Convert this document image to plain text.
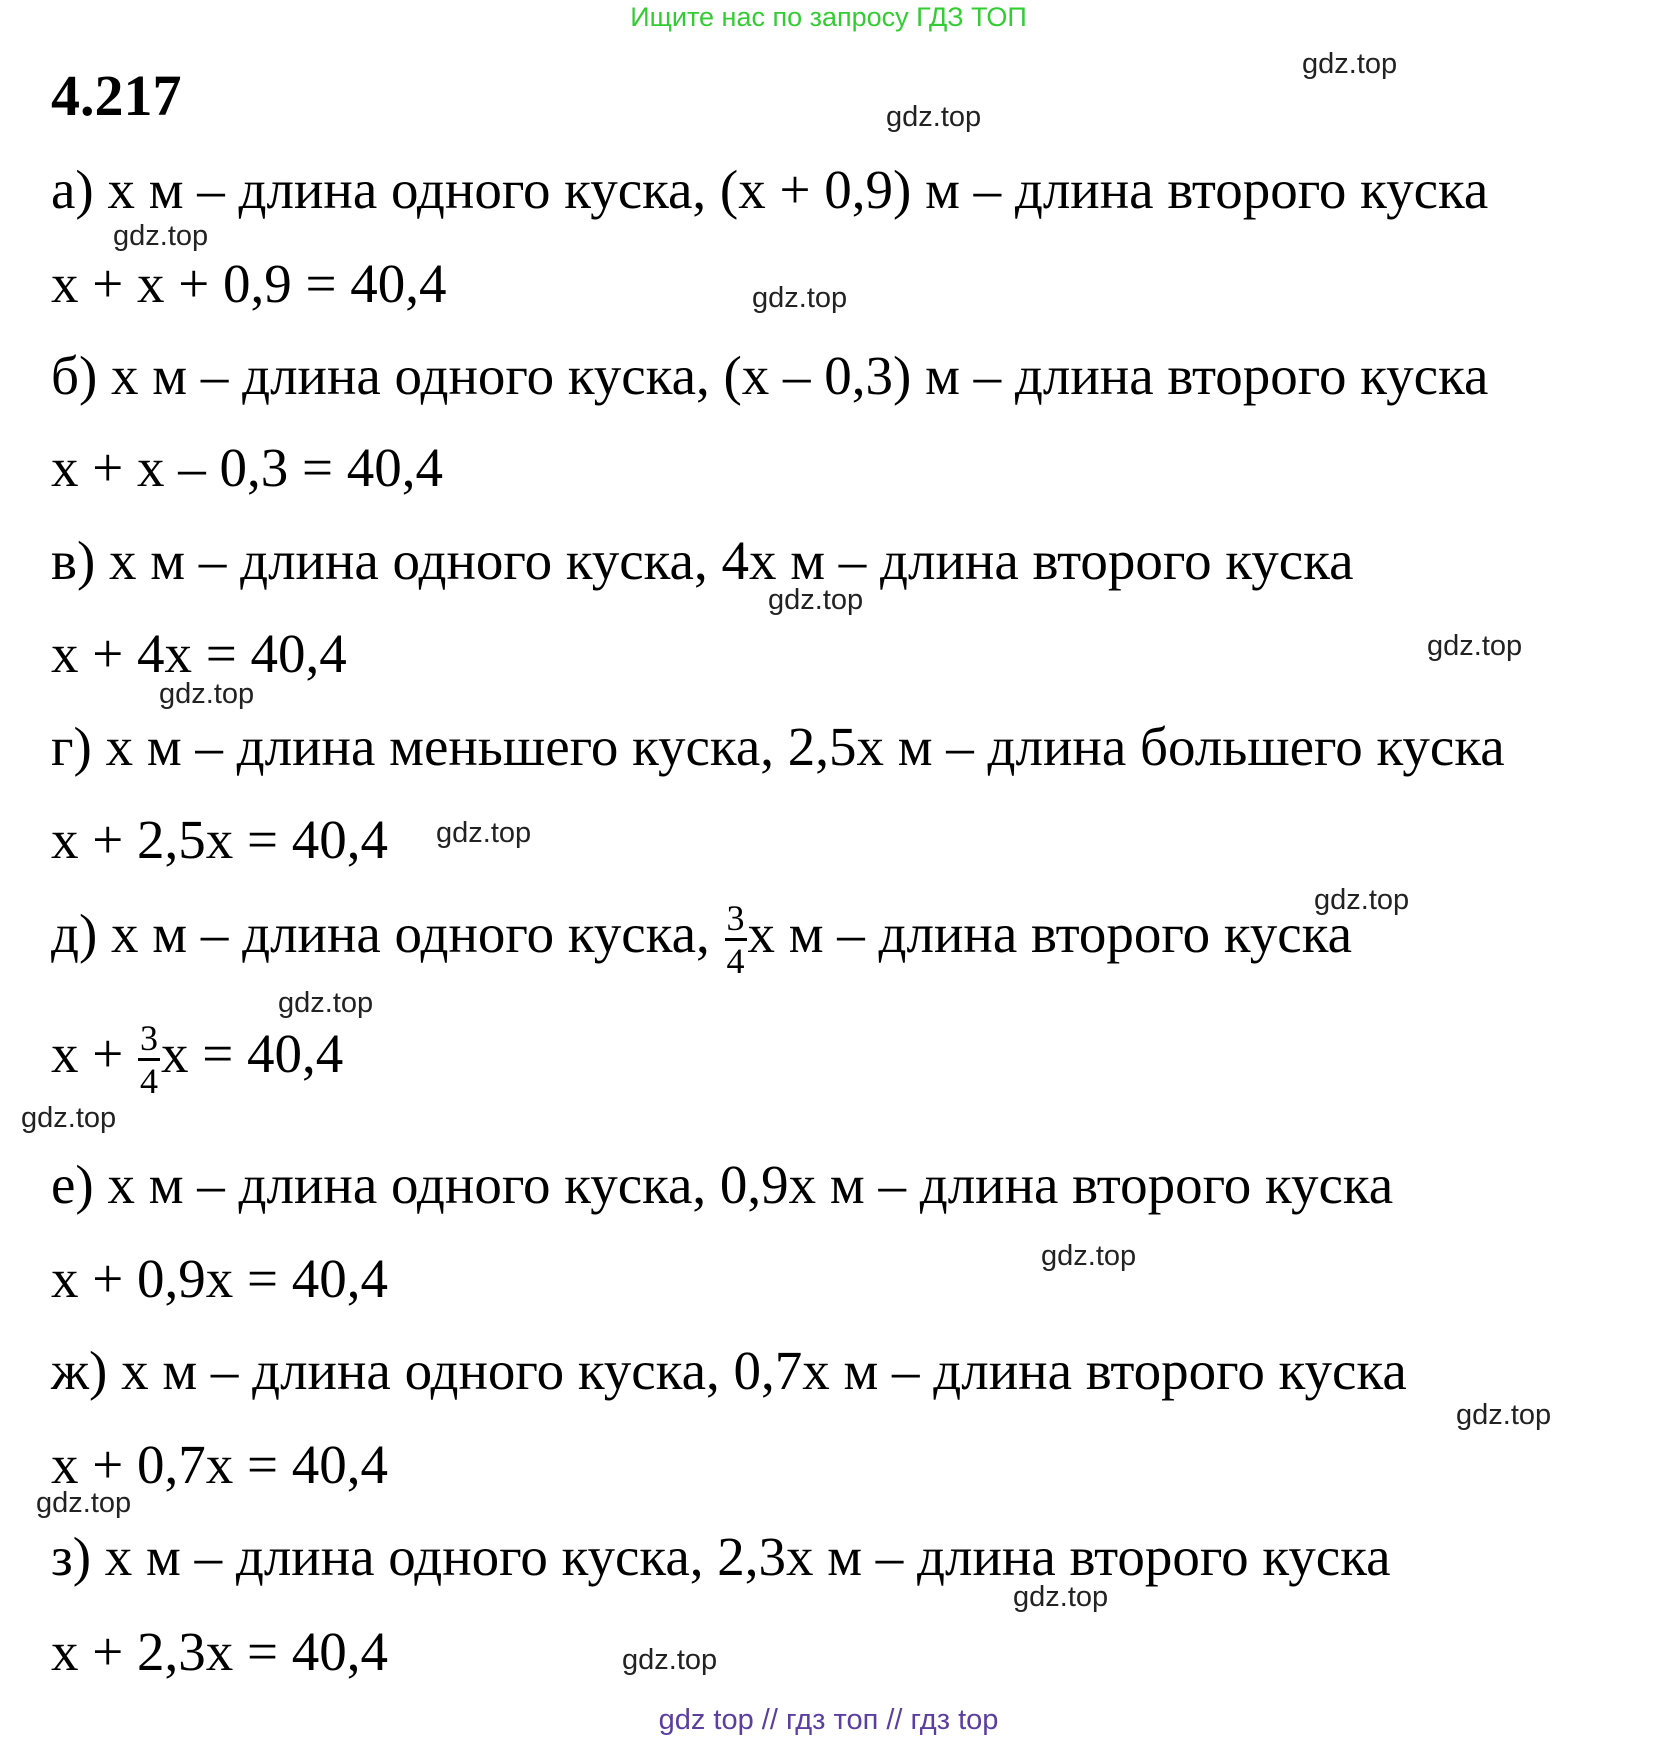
Ищите нас по запросу ГДЗ ТОП
4.217
а) x м – длина одного куска, (x + 0,9) м – длина второго куска
x + x + 0,9 = 40,4
б) x м – длина одного куска, (x – 0,3) м – длина второго куска
x + x – 0,3 = 40,4
в) x м – длина одного куска, 4x м – длина второго куска
x + 4x = 40,4
г) x м – длина меньшего куска, 2,5x м – длина большего куска
x + 2,5x = 40,4
д) x м – длина одного куска, $\frac{3}{4}$ x м – длина второго куска
$x + \frac{3}{4}$ x = 40,4
е) x м – длина одного куска, 0,9x м – длина второго куска
x + 0,9x = 40,4
ж) x м – длина одного куска, 0,7x м – длина второго куска
x + 0,7x = 40,4
з) x м – длина одного куска, 2,3x м – длина второго куска
x + 2,3x = 40,4
gdz.top
gdz.top
gdz.top
gdz.top
gdz.top
gdz.top
gdz.top
gdz.top
gdz.top
gdz.top
gdz.top
gdz.top
gdz.top
gdz.top
gdz.top
gdz.top
gdz top // гдз топ // гдз top
